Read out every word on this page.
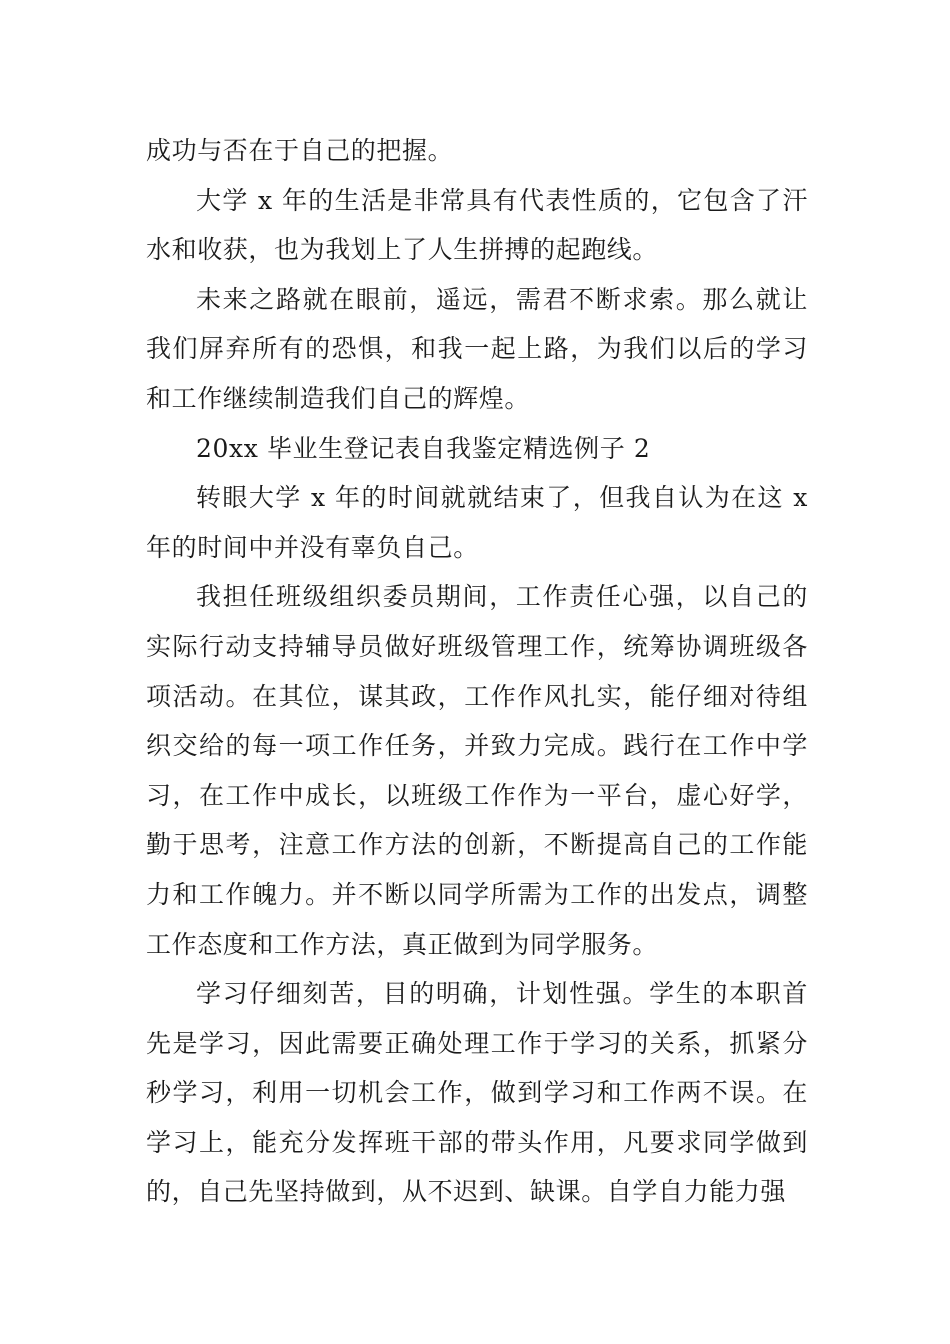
成功与否在于自己的把握。

大学 x 年的生活是非常具有代表性质的，它包含了汗水和收获，也为我划上了人生拼搏的起跑线。

未来之路就在眼前，遥远，需君不断求索。那么就让我们屏弃所有的恐惧，和我一起上路，为我们以后的学习和工作继续制造我们自己的辉煌。

20xx 毕业生登记表自我鉴定精选例子 2

转眼大学 x 年的时间就就结束了，但我自认为在这 x 年的时间中并没有辜负自己。

我担任班级组织委员期间，工作责任心强，以自己的实际行动支持辅导员做好班级管理工作，统筹协调班级各项活动。在其位，谋其政，工作作风扎实，能仔细对待组织交给的每一项工作任务，并致力完成。践行在工作中学习，在工作中成长，以班级工作作为一平台，虚心好学，勤于思考，注意工作方法的创新，不断提高自己的工作能力和工作魄力。并不断以同学所需为工作的出发点，调整工作态度和工作方法，真正做到为同学服务。

学习仔细刻苦，目的明确，计划性强。学生的本职首先是学习，因此需要正确处理工作于学习的关系，抓紧分秒学习，利用一切机会工作，做到学习和工作两不误。在学习上，能充分发挥班干部的带头作用，凡要求同学做到的，自己先坚持做到，从不迟到、缺课。自学自力能力强
